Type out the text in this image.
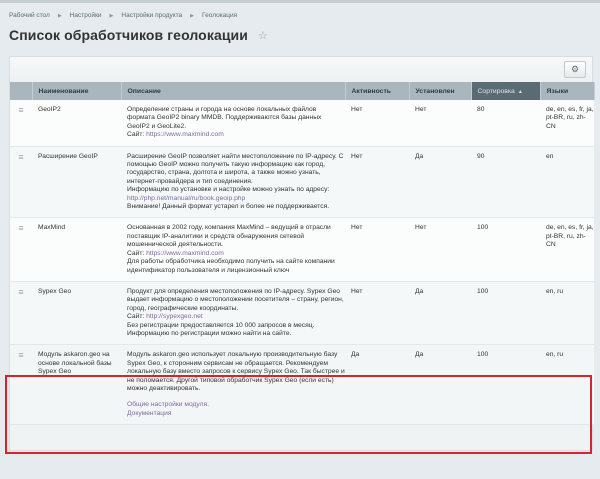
Рабочий стол ▶ Настройки ▶ Настройки продукта ▶ Геолокация
Список обработчиков геолокации ☆
⚙
	Наименование	Описание	Активность	Установлен	Сортировка ▲	Языки
≡	GeoIP2	Определение страны и города на основе локальных файлов формата GeoIP2 binary MMDB. Поддерживаются базы данных GeoIP2 и GeoLite2.
Сайт: https://www.maxmind.com	Нет	Нет	80	de, en, es, fr, ja, pt-BR, ru, zh-CN
≡	Расширение GeoIP	Расширение GeoIP позволяет найти местоположение по IP-адресу. С помощью GeoIP можно получить такую информацию как город, государство, страна, долгота и широта, а также можно узнать, интернет-провайдера и тип соединения.
Информацию по установке и настройке можно узнать по адресу: http://php.net/manual/ru/book.geoip.php
Внимание! Данный формат устарел и более не поддерживается.	Нет	Да	90	en
≡	MaxMind	Основанная в 2002 году, компания MaxMind – ведущий в отрасли поставщик IP-аналитики и средств обнаружения сетевой мошеннической деятельности.
Сайт: https://www.maxmind.com
Для работы обработчика необходимо получить на сайте компании идентификатор пользователя и лицензионный ключ	Нет	Нет	100	de, en, es, fr, ja, pt-BR, ru, zh-CN
≡	Sypex Geo	Продукт для определения местоположения по IP-адресу. Sypex Geo выдает информацию о местоположении посетителя – страну, регион, город, географические координаты.
Сайт: http://sypexgeo.net
Без регистрации предоставляется 10 000 запросов в месяц. Информацию по регистрации можно найти на сайте.	Нет	Да	100	en, ru
≡	Модуль askaron.geo на основе локальной базы Sypex Geo	Модуль askaron.geo использует локальную производительную базу Sypex Geo, к сторонним сервисам не обращается. Рекомендуем локальную базу вместо запросов к сервису Sypex Geo. Так быстрее и не поломается. Другой типовой обработчик Sypex Geo (если есть) можно деактивировать.
Общие настройки модуля.
Документация	Да	Да	100	en, ru
